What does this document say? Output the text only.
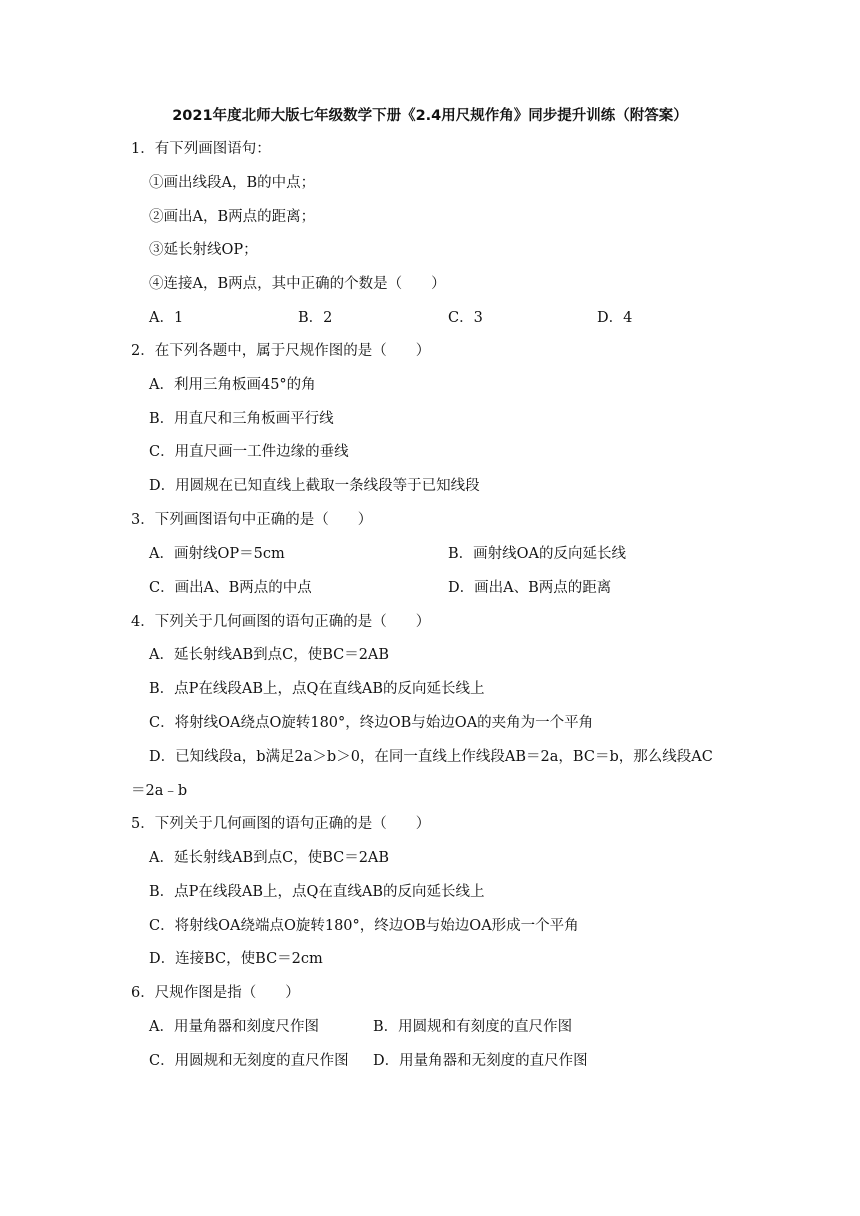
2021年度北师大版七年级数学下册《2.4用尺规作角》同步提升训练（附答案）
1．有下列画图语句：
①画出线段A，B的中点；
②画出A，B两点的距离；
③延长射线OP；
④连接A，B两点，其中正确的个数是（　　）
A．1	B．2	C．3	D．4
2．在下列各题中，属于尺规作图的是（　　）
A．利用三角板画45°的角
B．用直尺和三角板画平行线
C．用直尺画一工件边缘的垂线
D．用圆规在已知直线上截取一条线段等于已知线段
3．下列画图语句中正确的是（　　）
A．画射线OP＝5cm	B．画射线OA的反向延长线
C．画出A、B两点的中点	D．画出A、B两点的距离
4．下列关于几何画图的语句正确的是（　　）
A．延长射线AB到点C，使BC＝2AB
B．点P在线段AB上，点Q在直线AB的反向延长线上
C．将射线OA绕点O旋转180°，终边OB与始边OA的夹角为一个平角
D．已知线段a，b满足2a＞b＞0，在同一直线上作线段AB＝2a，BC＝b，那么线段AC
＝2a﹣b
5．下列关于几何画图的语句正确的是（　　）
A．延长射线AB到点C，使BC＝2AB
B．点P在线段AB上，点Q在直线AB的反向延长线上
C．将射线OA绕端点O旋转180°，终边OB与始边OA形成一个平角
D．连接BC，使BC＝2cm
6．尺规作图是指（　　）
A．用量角器和刻度尺作图	B．用圆规和有刻度的直尺作图
C．用圆规和无刻度的直尺作图 D．用量角器和无刻度的直尺作图
